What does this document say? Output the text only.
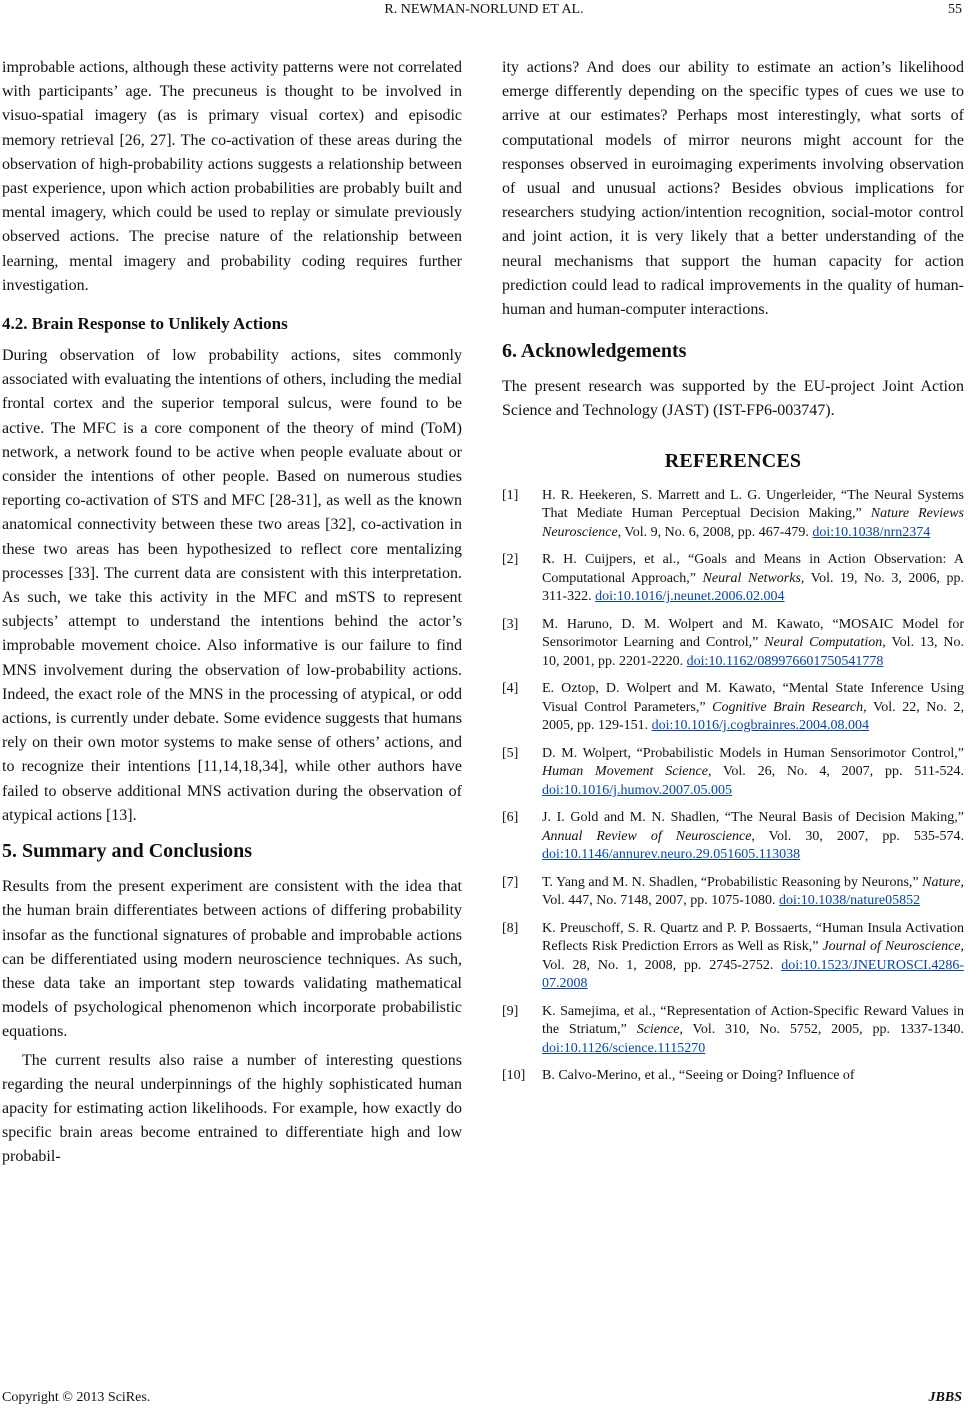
R. NEWMAN-NORLUND ET AL.	55

improbable actions, although these activity patterns were not correlated with participants’ age. The precuneus is thought to be involved in visuo-spatial imagery (as is primary visual cortex) and episodic memory retrieval [26, 27]. The co-activation of these areas during the observation of high-probability actions suggests a relationship between past experience, upon which action probabilities are probably built and mental imagery, which could be used to replay or simulate previously observed actions. The precise nature of the relationship between learning, mental imagery and probability coding requires further investigation.

4.2. Brain Response to Unlikely Actions

During observation of low probability actions, sites commonly associated with evaluating the intentions of others, including the medial frontal cortex and the superior temporal sulcus, were found to be active. The MFC is a core component of the theory of mind (ToM) network, a network found to be active when people evaluate about or consider the intentions of other people. Based on numerous studies reporting co-activation of STS and MFC [28-31], as well as the known anatomical connectivity between these two areas [32], co-activation in these two areas has been hypothesized to reflect core mentalizing processes [33]. The current data are consistent with this interpretation. As such, we take this activity in the MFC and mSTS to represent subjects’ attempt to understand the intentions behind the actor’s improbable movement choice. Also informative is our failure to find MNS involvement during the observation of low-probability actions. Indeed, the exact role of the MNS in the processing of atypical, or odd actions, is currently under debate. Some evidence suggests that humans rely on their own motor systems to make sense of others’ actions, and to recognize their intentions [11,14,18,34], while other authors have failed to observe additional MNS activation during the observation of atypical actions [13].

5. Summary and Conclusions

Results from the present experiment are consistent with the idea that the human brain differentiates between actions of differing probability insofar as the functional signatures of probable and improbable actions can be differentiated using modern neuroscience techniques. As such, these data take an important step towards validating mathematical models of psychological phenomenon which incorporate probabilistic equations.

The current results also raise a number of interesting questions regarding the neural underpinnings of the highly sophisticated human apacity for estimating action likelihoods. For example, how exactly do specific brain areas become entrained to differentiate high and low probabil-

ity actions? And does our ability to estimate an action’s likelihood emerge differently depending on the specific types of cues we use to arrive at our estimates? Perhaps most interestingly, what sorts of computational models of mirror neurons might account for the responses observed in euroimaging experiments involving observation of usual and unusual actions? Besides obvious implications for researchers studying action/intention recognition, social-motor control and joint action, it is very likely that a better understanding of the neural mechanisms that support the human capacity for action prediction could lead to radical improvements in the quality of human-human and human-computer interactions.

6. Acknowledgements

The present research was supported by the EU-project Joint Action Science and Technology (JAST) (IST-FP6-003747).

REFERENCES
[1]	H. R. Heekeren, S. Marrett and L. G. Ungerleider, “The Neural Systems That Mediate Human Perceptual Decision Making,” Nature Reviews Neuroscience, Vol. 9, No. 6, 2008, pp. 467-479. doi:10.1038/nrn2374
[2]	R. H. Cuijpers, et al., “Goals and Means in Action Observation: A Computational Approach,” Neural Networks, Vol. 19, No. 3, 2006, pp. 311-322. doi:10.1016/j.neunet.2006.02.004
[3]	M. Haruno, D. M. Wolpert and M. Kawato, “MOSAIC Model for Sensorimotor Learning and Control,” Neural Computation, Vol. 13, No. 10, 2001, pp. 2201-2220. doi:10.1162/089976601750541778
[4]	E. Oztop, D. Wolpert and M. Kawato, “Mental State Inference Using Visual Control Parameters,” Cognitive Brain Research, Vol. 22, No. 2, 2005, pp. 129-151. doi:10.1016/j.cogbrainres.2004.08.004
[5]	D. M. Wolpert, “Probabilistic Models in Human Sensorimotor Control,” Human Movement Science, Vol. 26, No. 4, 2007, pp. 511-524. doi:10.1016/j.humov.2007.05.005
[6]	J. I. Gold and M. N. Shadlen, “The Neural Basis of Decision Making,” Annual Review of Neuroscience, Vol. 30, 2007, pp. 535-574. doi:10.1146/annurev.neuro.29.051605.113038
[7]	T. Yang and M. N. Shadlen, “Probabilistic Reasoning by Neurons,” Nature, Vol. 447, No. 7148, 2007, pp. 1075-1080. doi:10.1038/nature05852
[8]	K. Preuschoff, S. R. Quartz and P. P. Bossaerts, “Human Insula Activation Reflects Risk Prediction Errors as Well as Risk,” Journal of Neuroscience, Vol. 28, No. 1, 2008, pp. 2745-2752. doi:10.1523/JNEUROSCI.4286-07.2008
[9]	K. Samejima, et al., “Representation of Action-Specific Reward Values in the Striatum,” Science, Vol. 310, No. 5752, 2005, pp. 1337-1340. doi:10.1126/science.1115270
[10]	B. Calvo-Merino, et al., “Seeing or Doing? Influence of
Copyright © 2013 SciRes.	JBBS
